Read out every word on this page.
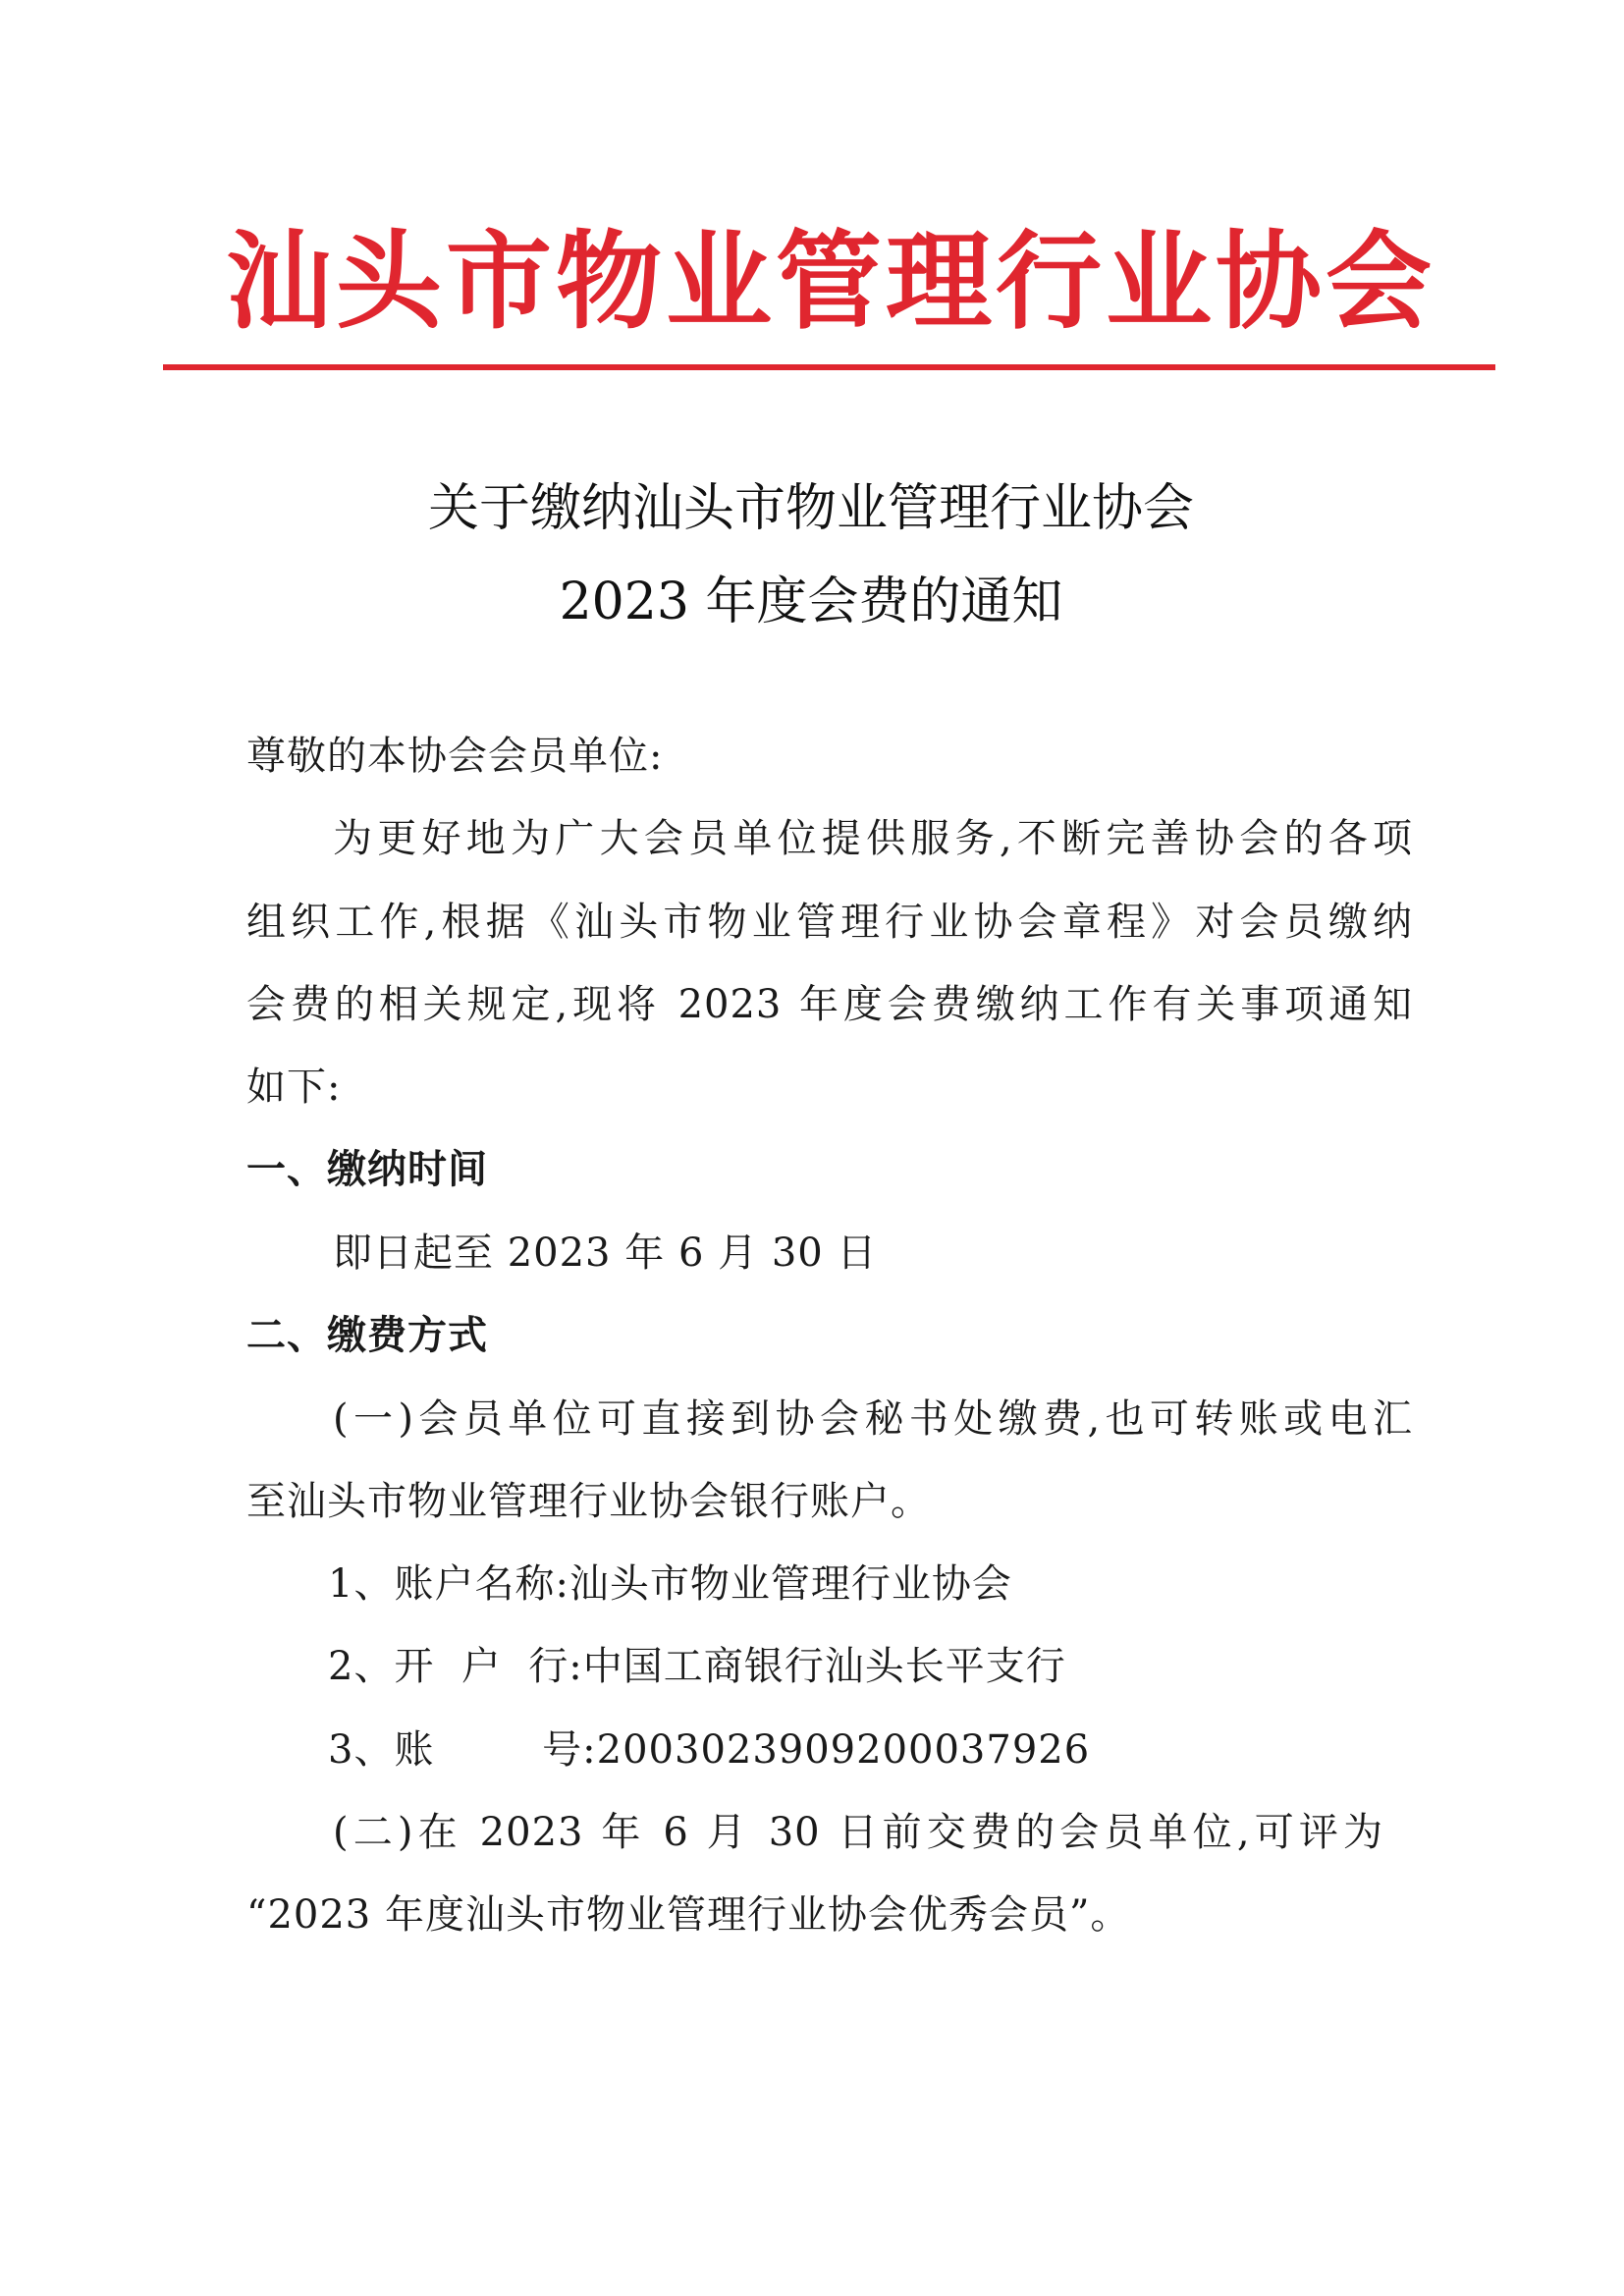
汕头市物业管理行业协会
关于缴纳汕头市物业管理行业协会
2023 年度会费的通知
尊敬的本协会会员单位:
为更好地为广大会员单位提供服务,不断完善协会的各项
组织工作,根据《汕头市物业管理行业协会章程》对会员缴纳
会费的相关规定,现将 2023 年度会费缴纳工作有关事项通知
如下:
一、缴纳时间
即日起至 2023 年 6 月 30 日
二、缴费方式
(一)会员单位可直接到协会秘书处缴费,也可转账或电汇
至汕头市物业管理行业协会银行账户。
1、账户名称:汕头市物业管理行业协会
2、开  户  行:中国工商银行汕头长平支行
3、账        号:2003023909200037926
(二)在 2023 年 6 月 30 日前交费的会员单位,可评为
“2023 年度汕头市物业管理行业协会优秀会员”。
